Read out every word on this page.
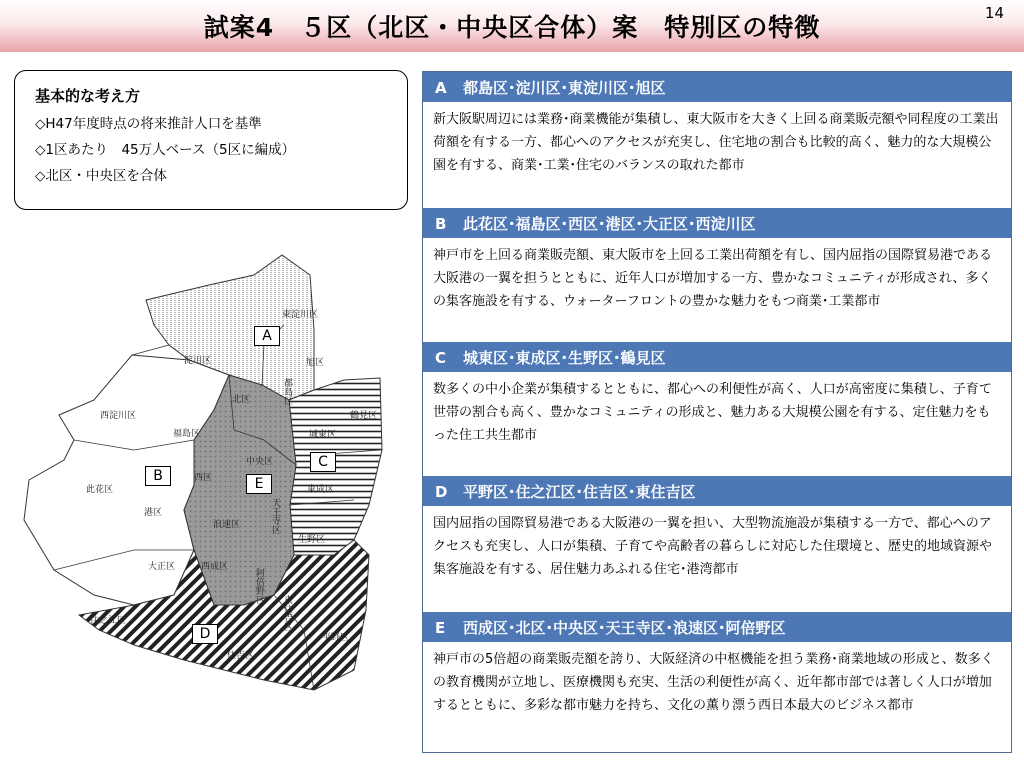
試案4　５区（北区・中央区合体）案　特別区の特徴	14
基本的な考え方
◇H47年度時点の将来推計人口を基準
◇1区あたり　45万人ベース（5区に編成）
◇北区・中央区を合体
東淀川区
淀川区	旭区
都島区
北区
西淀川区
福島区
鶴見区
城東区
中央区
西区
此花区	東成区
港区
浪速区	天王寺区
生野区
大正区	西成区
阿倍野区
東住吉区
住之江区
平野区
住吉区
A
B
C
D
E
A 都島区･淀川区･東淀川区･旭区
新大阪駅周辺には業務･商業機能が集積し、東大阪市を大きく上回る商業販売額や同程度の工業出荷額を有する一方、都心へのアクセスが充実し、住宅地の割合も比較的高く、魅力的な大規模公園を有する、商業･工業･住宅のバランスの取れた都市
B 此花区･福島区･西区･港区･大正区･西淀川区
神戸市を上回る商業販売額、東大阪市を上回る工業出荷額を有し、国内屈指の国際貿易港である大阪港の一翼を担うとともに、近年人口が増加する一方、豊かなコミュニティが形成され、多くの集客施設を有する、ウォーターフロントの豊かな魅力をもつ商業･工業都市
C 城東区･東成区･生野区･鶴見区
数多くの中小企業が集積するとともに、都心への利便性が高く、人口が高密度に集積し、子育て世帯の割合も高く、豊かなコミュニティの形成と、魅力ある大規模公園を有する、定住魅力をもった住工共生都市
D 平野区･住之江区･住吉区･東住吉区
国内屈指の国際貿易港である大阪港の一翼を担い、大型物流施設が集積する一方で、都心へのアクセスも充実し、人口が集積、子育てや高齢者の暮らしに対応した住環境と、歴史的地域資源や集客施設を有する、居住魅力あふれる住宅･港湾都市
E 西成区･北区･中央区･天王寺区･浪速区･阿倍野区
神戸市の5倍超の商業販売額を誇り、大阪経済の中枢機能を担う業務･商業地域の形成と、数多くの教育機関が立地し、医療機関も充実、生活の利便性が高く、近年都市部では著しく人口が増加するとともに、多彩な都市魅力を持ち、文化の薫り漂う西日本最大のビジネス都市
